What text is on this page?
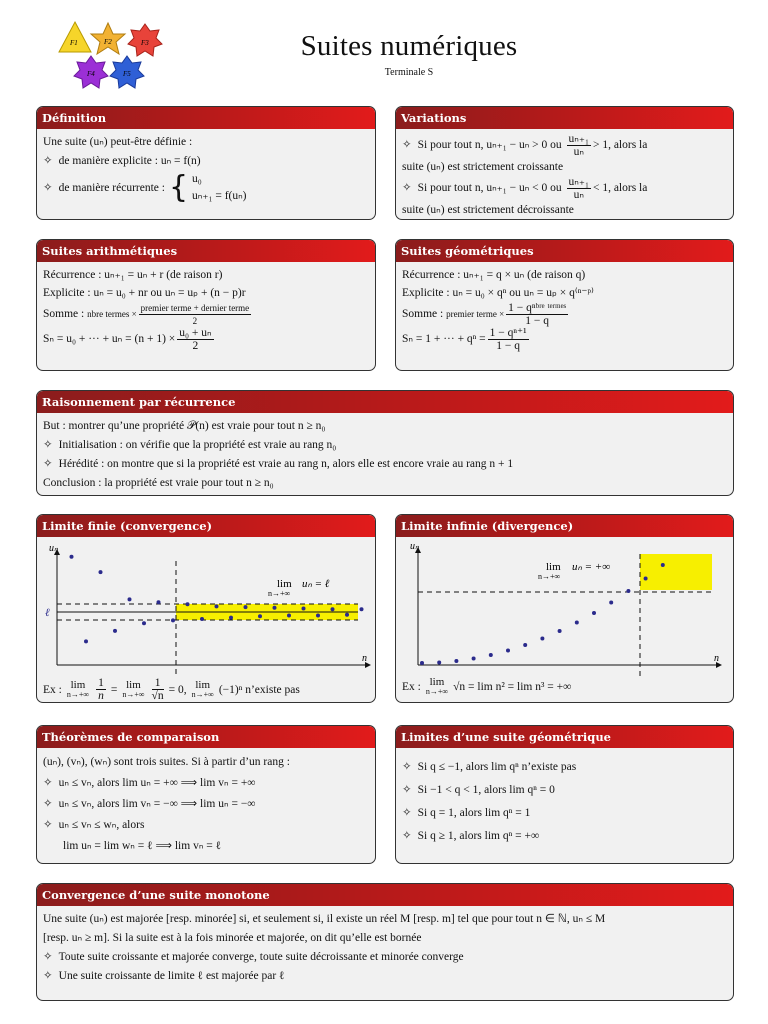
F1	F2	F3
F4	F5
Suites numériques
Terminale S
Définition
Une suite (uₙ) peut-être définie :
✧ de manière explicite : uₙ = f(n)
✧ de manière récurrente : { u₀
uₙ₊₁ = f(uₙ)
Variations
✧ Si pour tout n, uₙ₊₁ − uₙ > 0 ou $\frac{\text{uₙ₊₁}}{\text{uₙ}} > 1$, alors la
suite (uₙ) est strictement croissante
✧ Si pour tout n, uₙ₊₁ − uₙ < 0 ou $\frac{\text{uₙ₊₁}}{\text{uₙ}} < 1$, alors la
suite (uₙ) est strictement décroissante
Suites arithmétiques
Récurrence : uₙ₊₁ = uₙ + r (de raison r)
Explicite : uₙ = u₀ + nr ou uₙ = uₚ + (n − p)r
Somme : nbre termes × $\frac{\text{premier terme + dernier terme}}{2}$
Sₙ = u₀ + ··· + $u_n = (n + 1) \times \frac{\text{u₀ + uₙ}}{2}$
Suites géométriques
Récurrence : uₙ₊₁ = q × uₙ (de raison q)
Explicite : uₙ = u₀ × qⁿ ou uₙ = uₚ × q⁽ⁿ⁻ᵖ⁾
Somme : premier terme × $\frac{\text{1 − qⁿᵇʳᵉ ᵗᵉʳᵐᵉˢ}}{1 - q}$
Sₙ = 1 + ··· + $q^n = \frac{\text{1 − qⁿ⁺¹}}{1 - q}$
Raisonnement par récurrence
But : montrer qu’une propriété 𝒫(n) est vraie pour tout n ≥ n₀
✧ Initialisation : on vérifie que la propriété est vraie au rang n₀
✧ Hérédité : on montre que si la propriété est vraie au rang n, alors elle est encore vraie au rang n + 1
Conclusion : la propriété est vraie pour tout n ≥ n₀
Limite finie (convergence)
uₙ
n
ℓ
lim
n→+∞
uₙ = ℓ
Ex : lim
$n\to+\infty \frac{1}{n} = \lim$
$n\to+\infty \frac{1}{√n} = 0$, lim
n→+∞ (−1)ⁿ n’existe pas
Limite infinie (divergence)
uₙ
n
lim
n→+∞
uₙ = +∞
Ex : lim
n→+∞ √n = lim n² = lim n³ = +∞
Théorèmes de comparaison
(uₙ), (vₙ), (wₙ) sont trois suites. Si à partir d’un rang :
✧ uₙ ≤ vₙ, alors lim uₙ = +∞ ⟹ lim vₙ = +∞
✧ uₙ ≤ vₙ, alors lim vₙ = −∞ ⟹ lim uₙ = −∞
✧ uₙ ≤ vₙ ≤ wₙ, alors
lim uₙ = lim wₙ = ℓ ⟹ lim vₙ = ℓ
Limites d’une suite géométrique
✧ Si q ≤ −1, alors lim qⁿ n’existe pas
✧ Si −1 < q < 1, alors lim qⁿ = 0
✧ Si q = 1, alors lim qⁿ = 1
✧ Si q ≥ 1, alors lim qⁿ = +∞
Convergence d’une suite monotone
Une suite (uₙ) est majorée [resp. minorée] si, et seulement si, il existe un réel M [resp. m] tel que pour tout n ∈ ℕ, uₙ ≤ M
[resp. uₙ ≥ m]. Si la suite est à la fois minorée et majorée, on dit qu’elle est bornée
✧ Toute suite croissante et majorée converge, toute suite décroissante et minorée converge
✧ Une suite croissante de limite ℓ est majorée par ℓ
